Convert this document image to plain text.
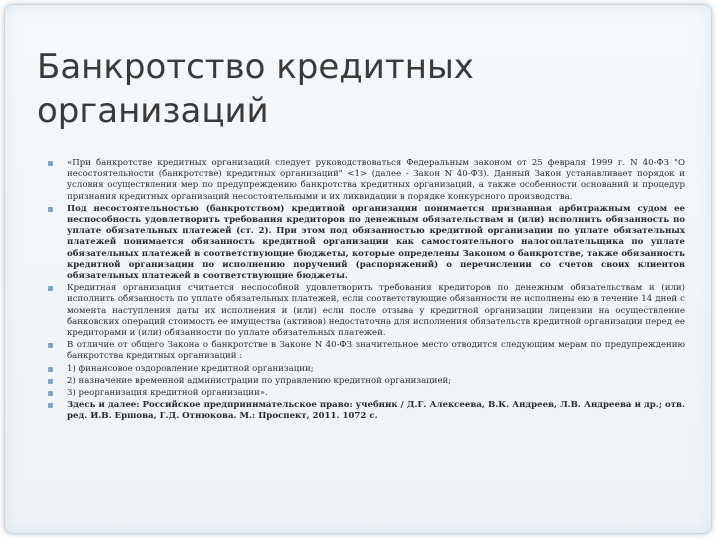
Банкротство кредитных организаций
«При банкротстве кредитных организаций следует руководствоваться Федеральным законом от 25 февраля 1999 г. N 40-ФЗ "О несостоятельности (банкротстве) кредитных организаций" <1> (далее - Закон N 40-ФЗ). Данный Закон устанавливает порядок и условия осуществления мер по предупреждению банкротства кредитных организаций, а также особенности оснований и процедур признания кредитных организаций несостоятельными и их ликвидации в порядке конкурсного производства.
Под несостоятельностью (банкротством) кредитной организации понимается признанная арбитражным судом ее неспособность удовлетворить требования кредиторов по денежным обязательствам и (или) исполнить обязанность по уплате обязательных платежей (ст. 2). При этом под обязанностью кредитной организации по уплате обязательных платежей понимается обязанность кредитной организации как самостоятельного налогоплательщика по уплате обязательных платежей в соответствующие бюджеты, которые определены Законом о банкротстве, также обязанность кредитной организации по исполнению поручений (распоряжений) о перечислении со счетов своих клиентов обязательных платежей в соответствующие бюджеты.
Кредитная организация считается неспособной удовлетворить требования кредиторов по денежным обязательствам и (или) исполнить обязанность по уплате обязательных платежей, если соответствующие обязанности не исполнены ею в течение 14 дней с момента наступления даты их исполнения и (или) если после отзыва у кредитной организации лицензии на осуществление банковских операций стоимость ее имущества (активов) недостаточна для исполнения обязательств кредитной организации перед ее кредиторами и (или) обязанности по уплате обязательных платежей.
В отличие от общего Закона о банкротстве в Законе N 40-ФЗ значительное место отводится следующим мерам по предупреждению банкротства кредитных организаций :
1) финансовое оздоровление кредитной организации;
2) назначение временной администрации по управлению кредитной организацией;
3) реорганизация кредитной организации».
Здесь и далее: Российское предпринимательское право: учебник / Д.Г. Алексеева, В.К. Андреев, Л.В. Андреева и др.; отв. ред. И.В. Ершова, Г.Д. Отнюкова. М.: Проспект, 2011. 1072 с.
